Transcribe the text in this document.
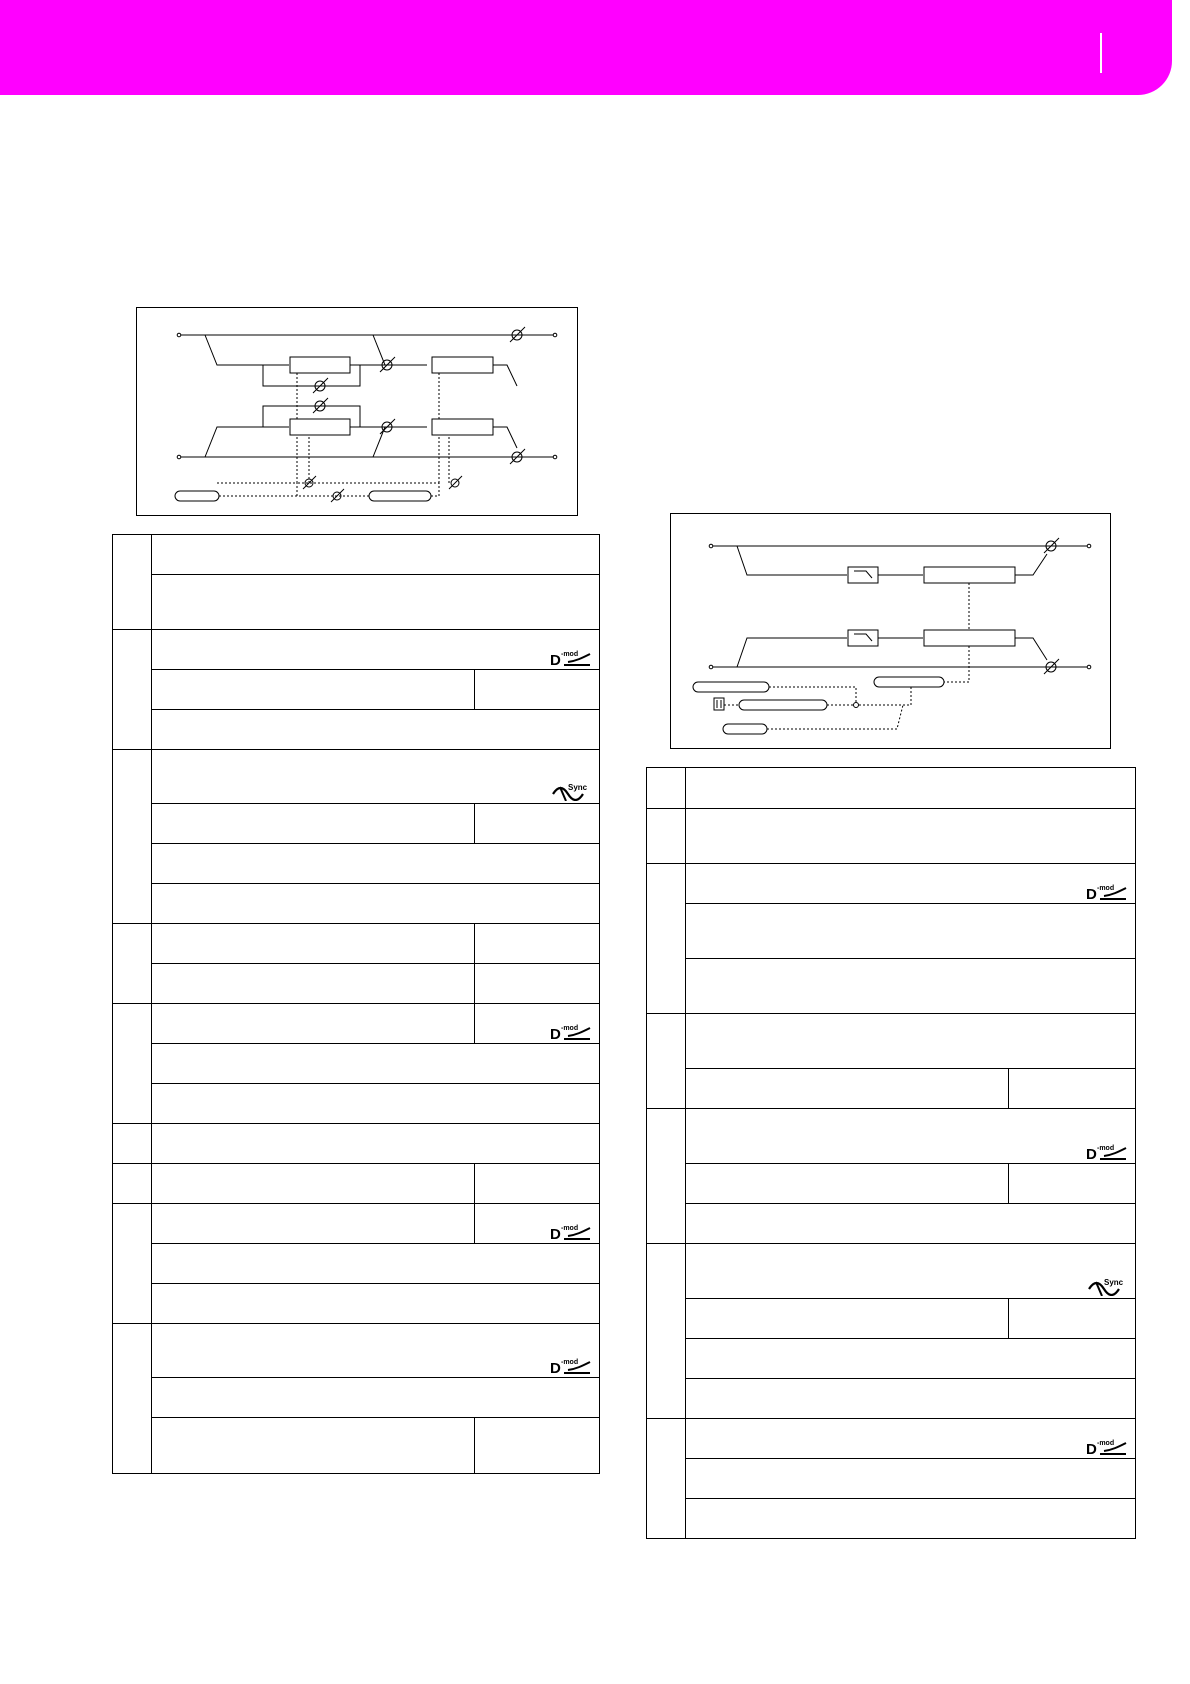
D -mod
Sync
D -mod
D -mod
D -mod
D -mod
D -mod
Sync
D -mod
